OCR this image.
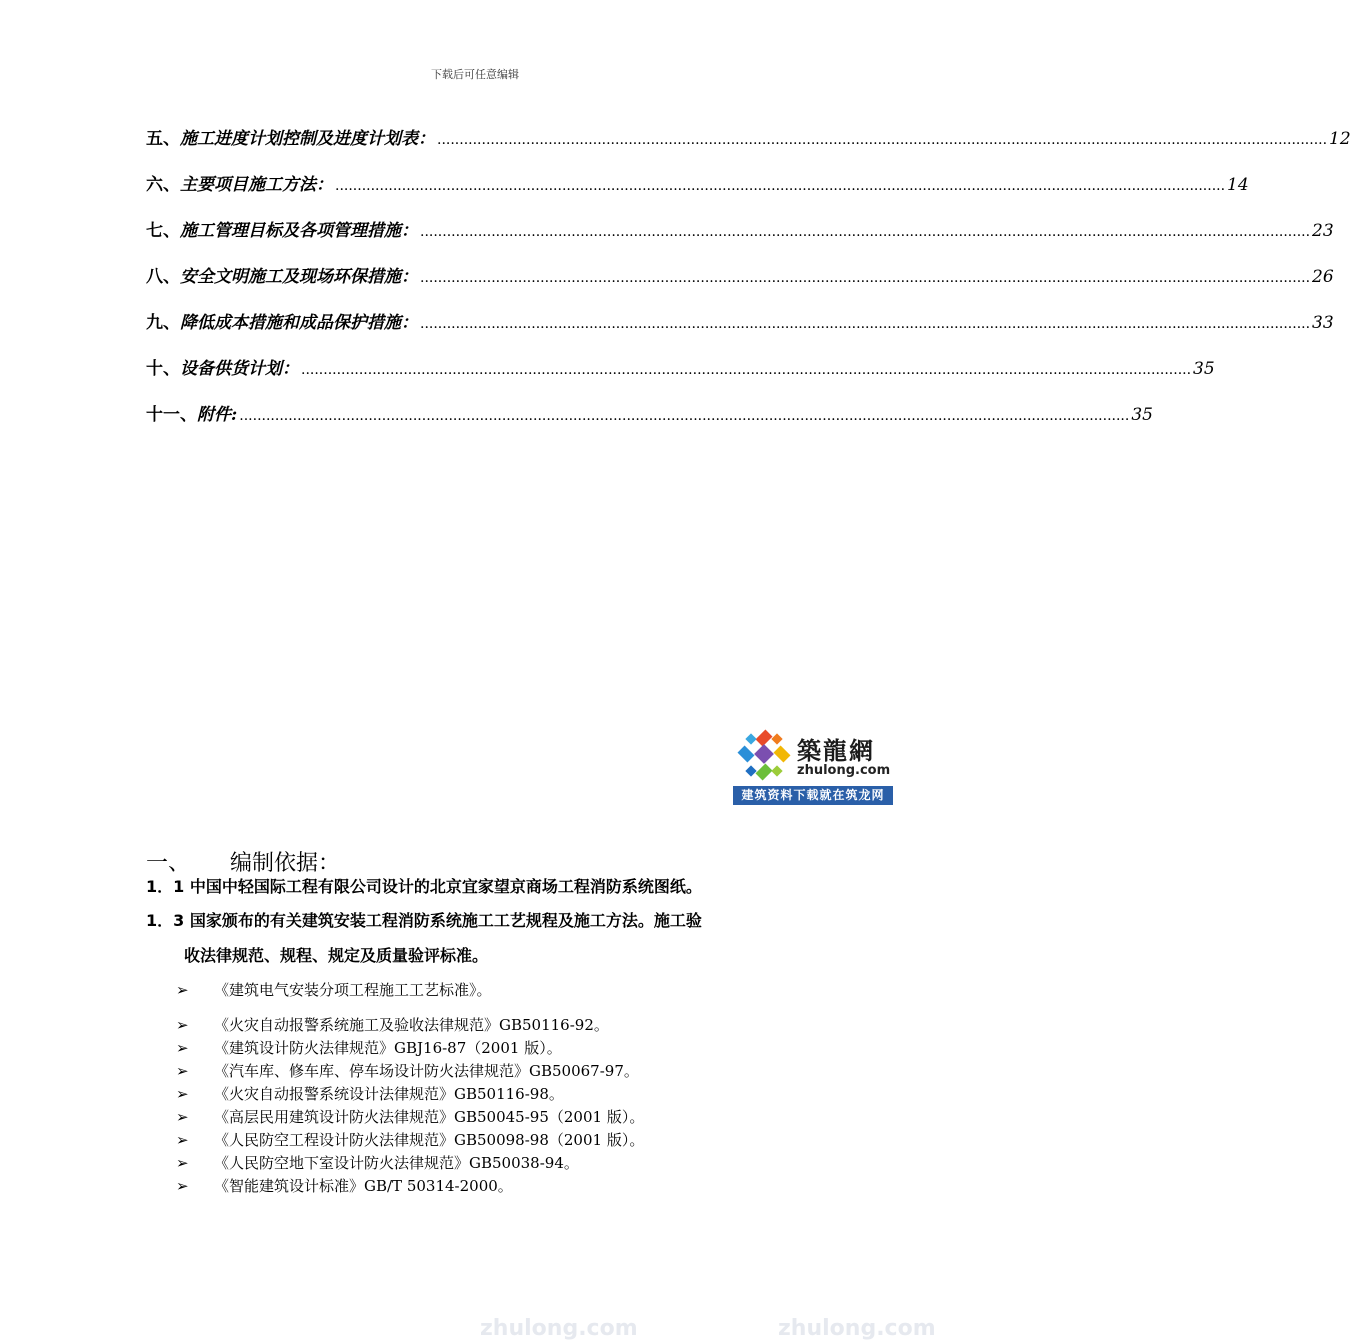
下载后可任意编辑
五、 施工进度计划控制及进度计划表： ........................................................................................................................................................................................................ 12
六、 主要项目施工方法： ........................................................................................................................................................................................................ 14
七、 施工管理目标及各项管理措施： ........................................................................................................................................................................................................ 23
八、 安全文明施工及现场环保措施： ........................................................................................................................................................................................................ 26
九、 降低成本措施和成品保护措施： ........................................................................................................................................................................................................ 33
十、 设备供货计划： ........................................................................................................................................................................................................ 35
十一、 附件: ........................................................................................................................................................................................................ 35
築龍網
zhulong.com
建筑资料下载就在筑龙网
一、 编制依据：
1．1 中国中轻国际工程有限公司设计的北京宜家望京商场工程消防系统图纸。
1．3 国家颁布的有关建筑安装工程消防系统施工工艺规程及施工方法。施工验
收法律规范、规程、规定及质量验评标准。
➢	《建筑电气安装分项工程施工工艺标准》。
➢	《火灾自动报警系统施工及验收法律规范》GB50116-92。
➢	《建筑设计防火法律规范》GBJ16-87（2001 版）。
➢	《汽车库、修车库、停车场设计防火法律规范》GB50067-97。
➢	《火灾自动报警系统设计法律规范》GB50116-98。
➢	《高层民用建筑设计防火法律规范》GB50045-95（2001 版）。
➢	《人民防空工程设计防火法律规范》GB50098-98（2001 版）。
➢	《人民防空地下室设计防火法律规范》GB50038-94。
➢	《智能建筑设计标准》GB/T 50314-2000。
zhulong.com	zhulong.com
